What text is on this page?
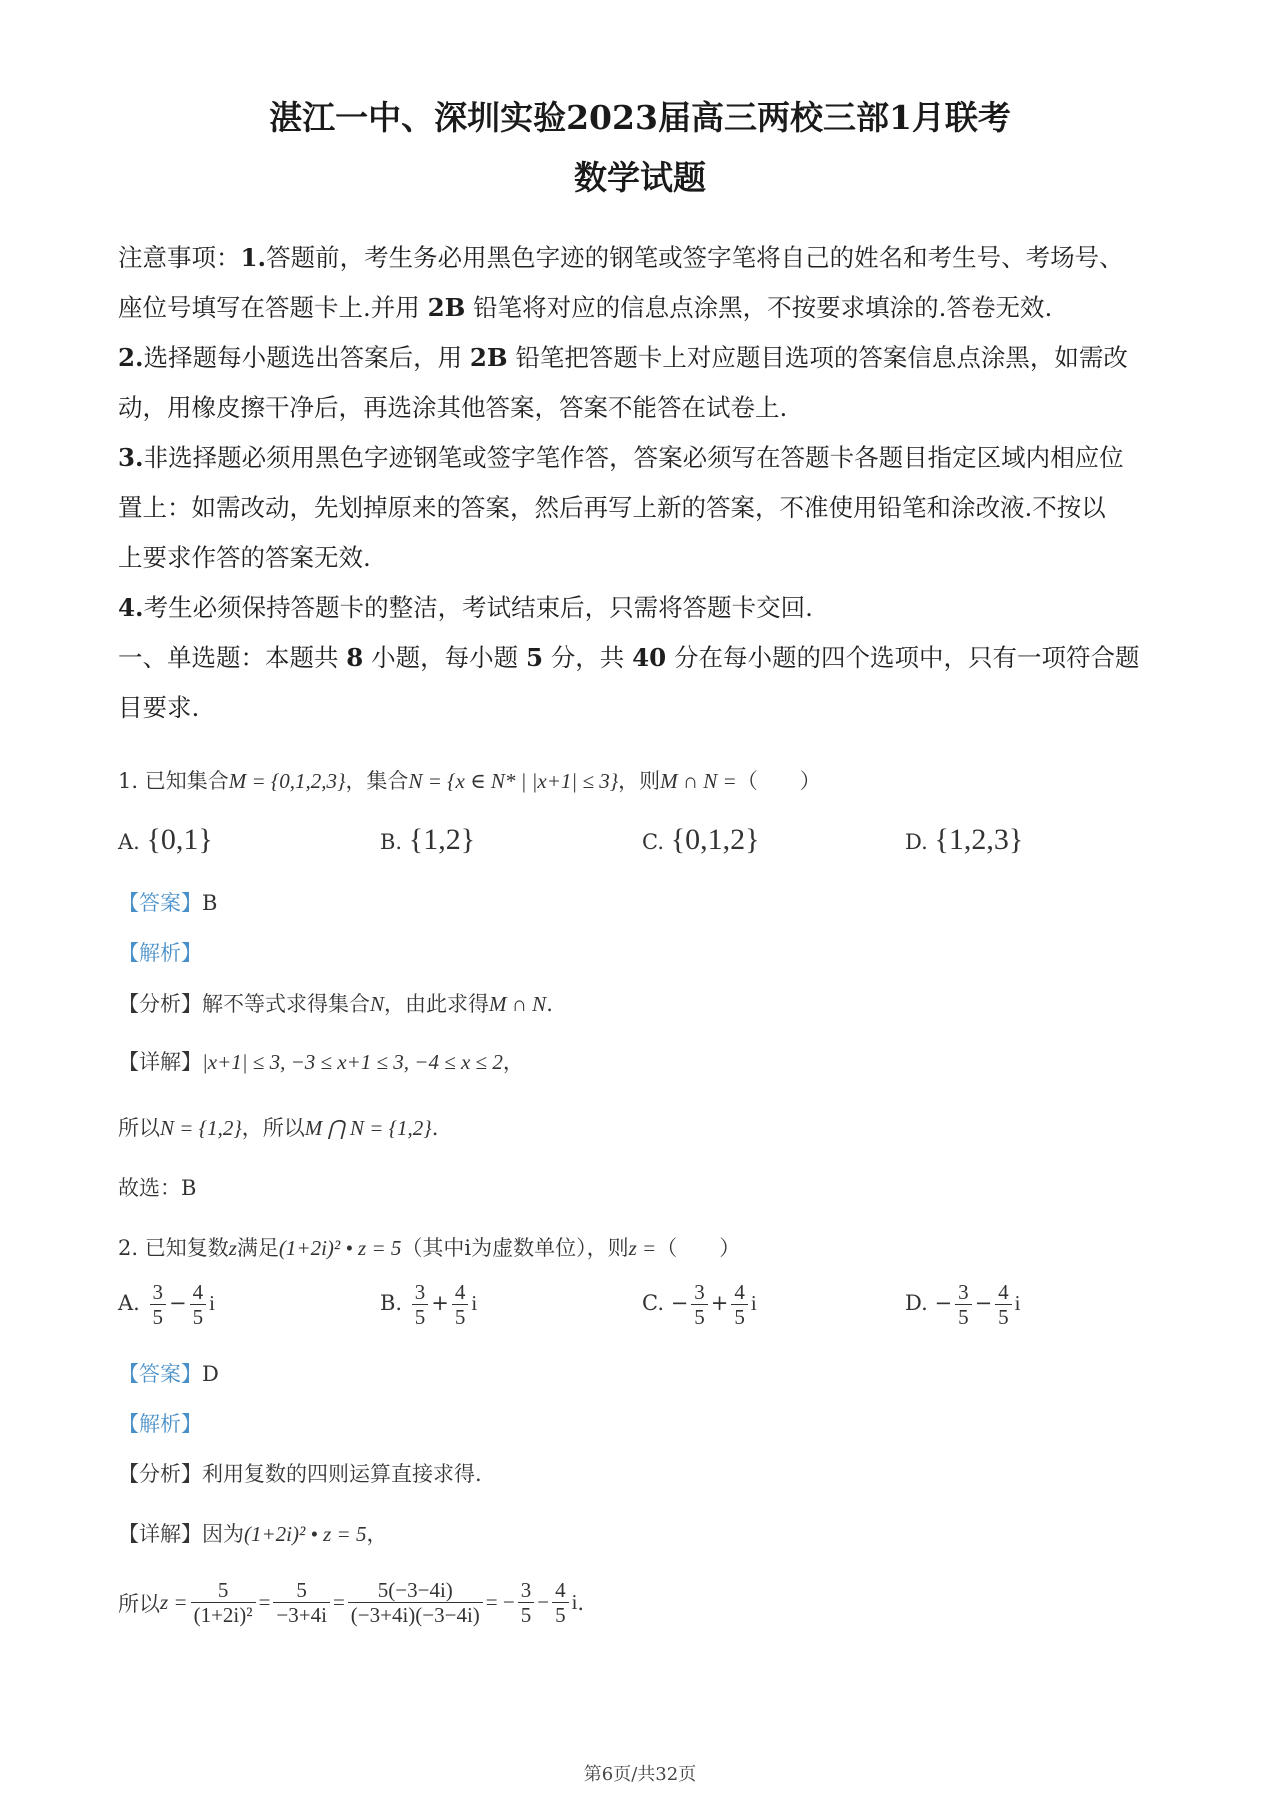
湛江一中、深圳实验2023届高三两校三部1月联考
数学试题
注意事项：1.答题前，考生务必用黑色字迹的钢笔或签字笔将自己的姓名和考生号、考场号、
座位号填写在答题卡上.并用 2B 铅笔将对应的信息点涂黑，不按要求填涂的.答卷无效.
2.选择题每小题选出答案后，用 2B 铅笔把答题卡上对应题目选项的答案信息点涂黑，如需改
动，用橡皮擦干净后，再选涂其他答案，答案不能答在试卷上.
3.非选择题必须用黑色字迹钢笔或签字笔作答，答案必须写在答题卡各题目指定区域内相应位
置上：如需改动，先划掉原来的答案，然后再写上新的答案，不准使用铅笔和涂改液.不按以
上要求作答的答案无效.
4.考生必须保持答题卡的整洁，考试结束后，只需将答题卡交回.
一、单选题：本题共 8 小题，每小题 5 分，共 40 分在每小题的四个选项中，只有一项符合题
目要求.
1. 已知集合M = {0,1,2,3}，集合N = {x ∈ N* | |x+1| ≤ 3}，则M ∩ N =（　　）
A. {0,1}	B. {1,2}	C. {0,1,2}	D. {1,2,3}
【答案】B
【解析】
【分析】解不等式求得集合N，由此求得M ∩ N.
【详解】|x+1| ≤ 3, −3 ≤ x+1 ≤ 3, −4 ≤ x ≤ 2，
所以N = {1,2}，所以M ⋂ N = {1,2}.
故选：B
2. 已知复数z满足(1+2i)² • z = 5（其中i为虚数单位），则z =（　　）
A. $\frac{3}{5} - \frac{4}{5}$ i	B. $\frac{3}{5} + \frac{4}{5}$ i	C. − $\frac{3}{5} + \frac{4}{5}$ i	D. − $\frac{3}{5} - \frac{4}{5}$ i
【答案】D
【解析】
【分析】利用复数的四则运算直接求得.
【详解】因为(1+2i)² • z = 5，
所以 $z = \frac{5}{\text{(1+2i)²}} = \frac{5}{-3+4i} = \frac{5(-3-4i)}{(-3+4i)(-3-4i)}$ = − $\frac{3}{5} - \frac{4}{5}$ i .
第6页/共32页
